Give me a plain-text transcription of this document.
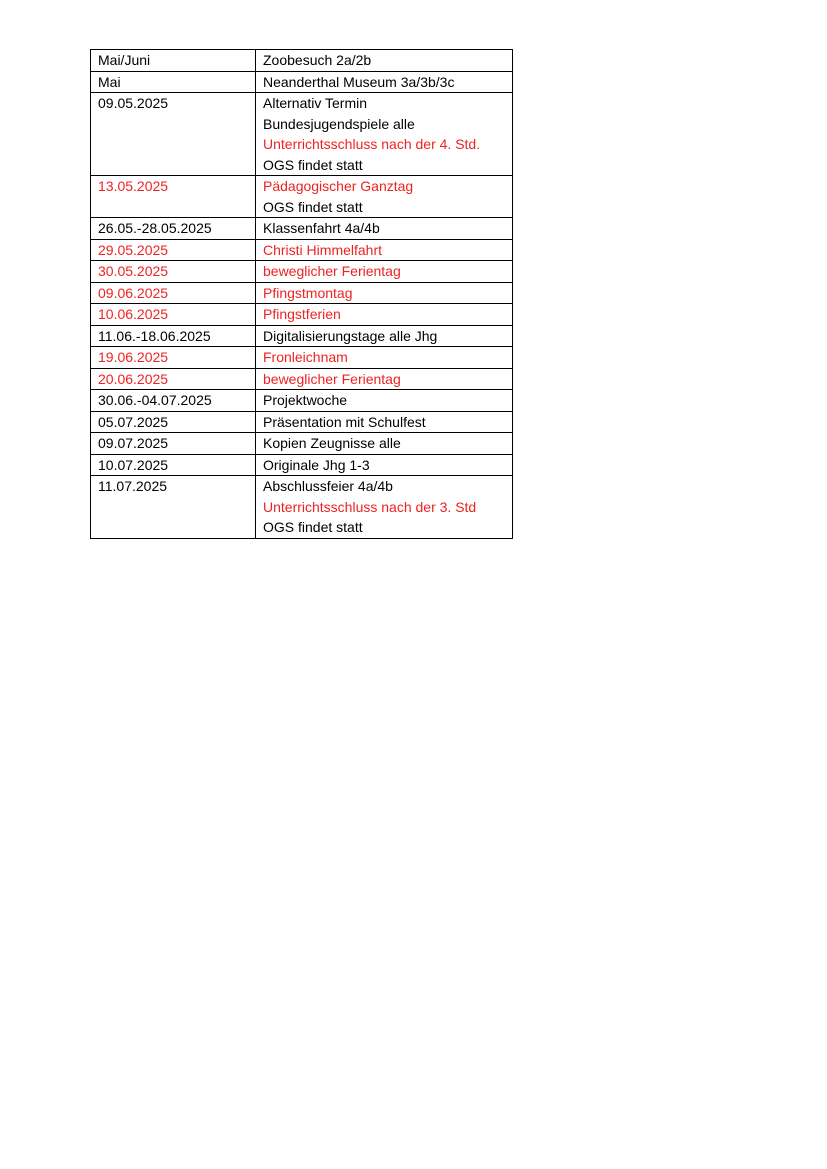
Mai/Juni	Zoobesuch 2a/2b

Mai	Neanderthal Museum 3a/3b/3c

09.05.2025	Alternativ Termin
Bundesjugendspiele alle
Unterrichtsschluss nach der 4. Std.
OGS findet statt

13.05.2025	Pädagogischer Ganztag
OGS findet statt

26.05.-28.05.2025	Klassenfahrt 4a/4b

29.05.2025	Christi Himmelfahrt

30.05.2025	beweglicher Ferientag

09.06.2025	Pfingstmontag

10.06.2025	Pfingstferien

11.06.-18.06.2025	Digitalisierungstage alle Jhg

19.06.2025	Fronleichnam

20.06.2025	beweglicher Ferientag

30.06.-04.07.2025	Projektwoche

05.07.2025	Präsentation mit Schulfest

09.07.2025	Kopien Zeugnisse alle

10.07.2025	Originale Jhg 1-3

11.07.2025	Abschlussfeier 4a/4b
Unterrichtsschluss nach der 3. Std
OGS findet statt
